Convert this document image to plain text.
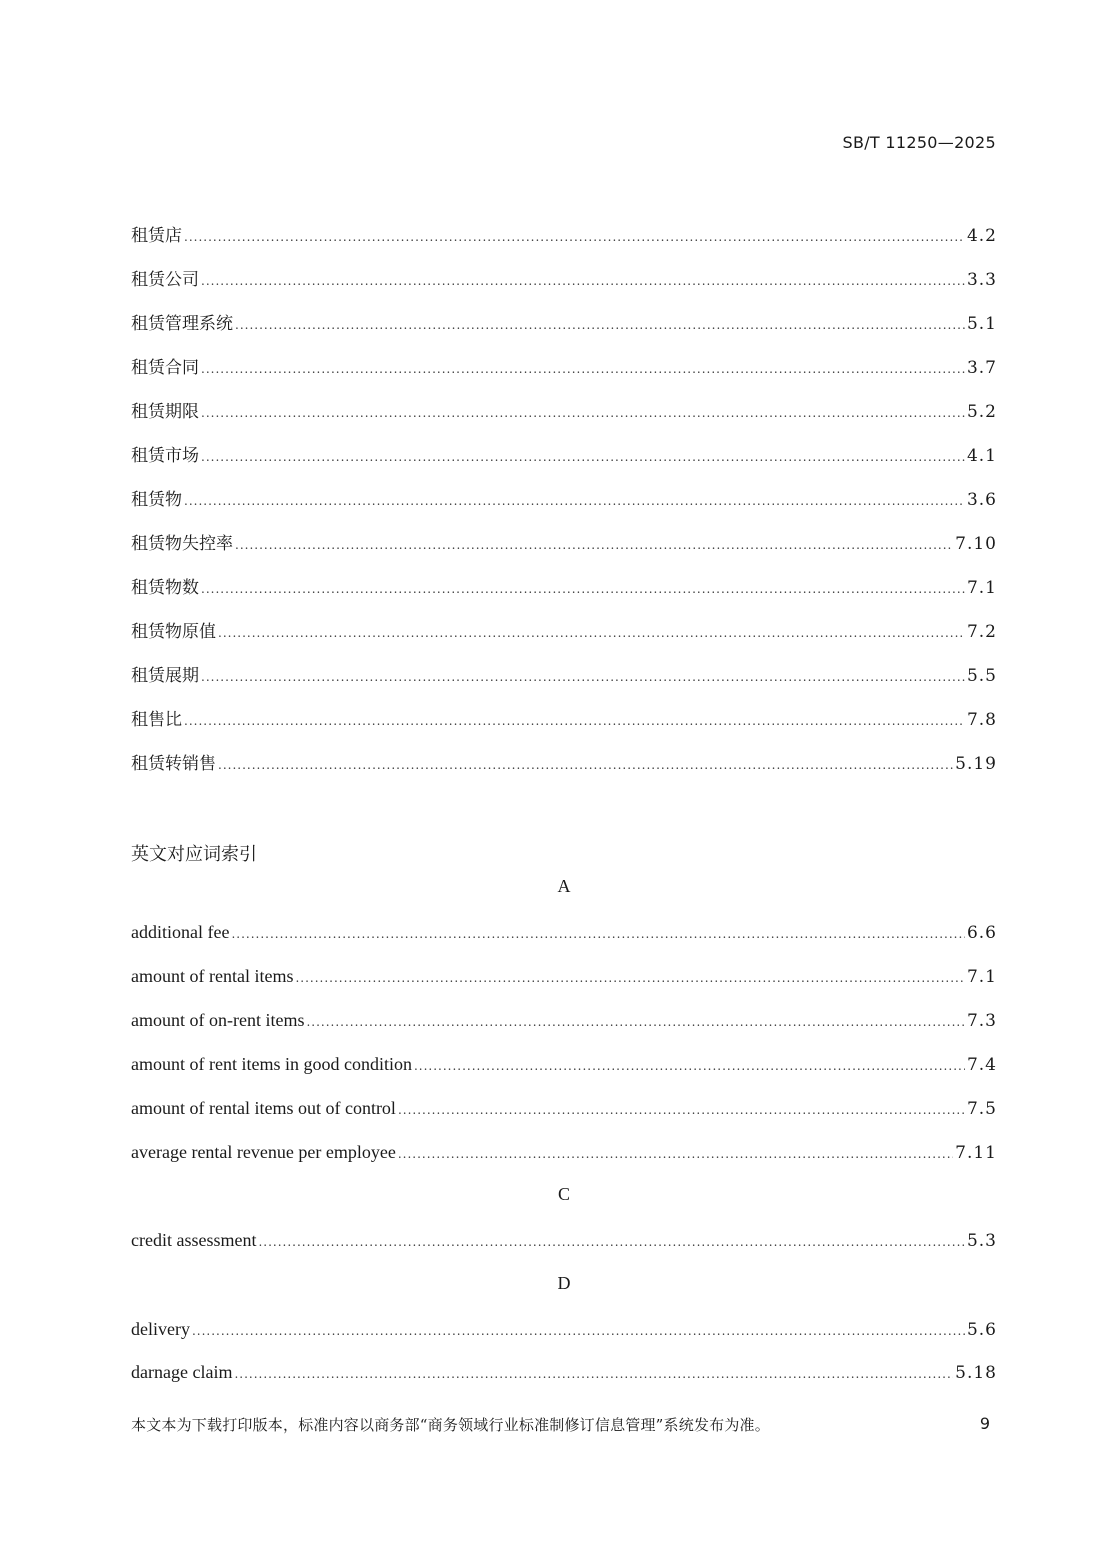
SB/T 11250—2025
租赁店 .....	4.2
租赁公司 .....	3.3
租赁管理系统 .....	5.1
租赁合同 .....	3.7
租赁期限 .....	5.2
租赁市场 .....	4.1
租赁物 .....	3.6
租赁物失控率 .....	7.10
租赁物数 .....	7.1
租赁物原值 .....	7.2
租赁展期 .....	5.5
租售比 .....	7.8
租赁转销售 .....	5.19
英文对应词索引
A
additional fee .....	6.6
amount of rental items .....	7.1
amount of on-rent items .....	7.3
amount of rent items in good condition .....	7.4
amount of rental items out of control .....	7.5
average rental revenue per employee .....	7.11
credit assessment .....	5.3
delivery .....	5.6
darnage claim .....	5.18
C
D
本文本为下载打印版本，标准内容以商务部“商务领域行业标准制修订信息管理”系统发布为准。	9
